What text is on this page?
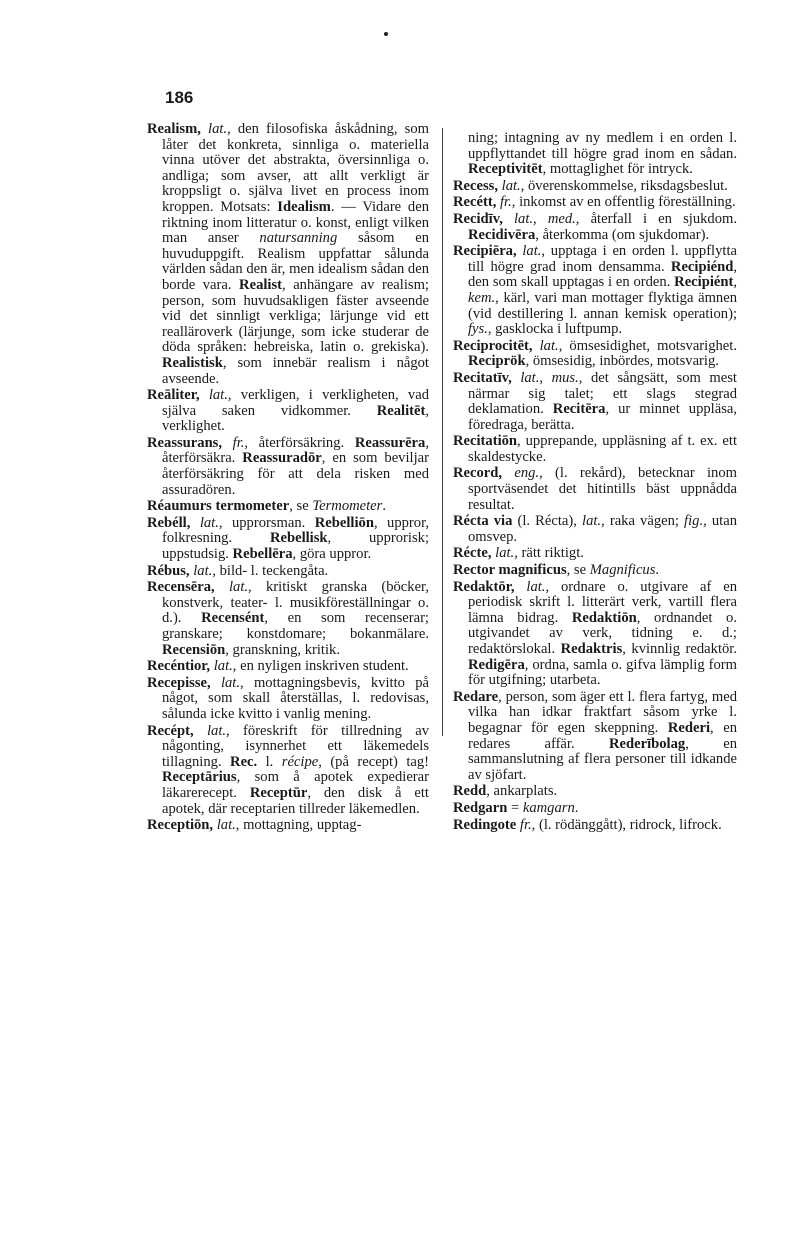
186

Realism, lat., den filosofiska åskådning, som låter det konkreta, sinnliga o. materiella vinna utöver det abstrakta, översinnliga o. andliga; som avser, att allt verkligt är kroppsligt o. själva livet en process inom kroppen. Motsats: Idealism. — Vidare den riktning inom litteratur o. konst, enligt vilken man anser natursanning såsom en huvuduppgift. Realism uppfattar sålunda världen sådan den är, men idealism sådan den borde vara. Realist, anhängare av realism; person, som huvudsakligen fäster avseende vid det sinnligt verkliga; lärjunge vid ett realläroverk (lärjunge, som icke studerar de döda språken: hebreiska, latin o. grekiska). Realistisk, som innebär realism i något avseende.

Reāliter, lat., verkligen, i verkligheten, vad själva saken vidkommer. Realitēt, verklighet.

Reassurans, fr., återförsäkring. Reassurēra, återförsäkra. Reassuradōr, en som beviljar återförsäkring för att dela risken med assuradören.

Réaumurs termometer, se Termometer.

Rebéll, lat., upprorsman. Rebelliōn, uppror, folkresning. Rebellisk, upprorisk; uppstudsig. Rebellēra, göra uppror.

Rébus, lat., bild- l. teckengåta.

Recensēra, lat., kritiskt granska (böcker, konstverk, teater- l. musikföreställningar o. d.). Recensént, en som recenserar; granskare; konstdomare; bokanmälare. Recensiōn, granskning, kritik.

Recéntior, lat., en nyligen inskriven student.

Recepisse, lat., mottagningsbevis, kvitto på något, som skall återställas, l. redovisas, sålunda icke kvitto i vanlig mening.

Recépt, lat., föreskrift för tillredning av någonting, isynnerhet ett läkemedels tillagning. Rec. l. récipe, (på recept) tag! Receptārius, som å apotek expedierar läkarerecept. Receptūr, den disk å ett apotek, där receptarien tillreder läkemedlen.

Receptiōn, lat., mottagning, upptag-

ning; intagning av ny medlem i en orden l. uppflyttandet till högre grad inom en sådan. Receptivitēt, mottaglighet för intryck.

Recess, lat., överenskommelse, riksdagsbeslut.

Recétt, fr., inkomst av en offentlig föreställning.

Recidīv, lat., med., återfall i en sjukdom. Recidivēra, återkomma (om sjukdomar).

Recipiēra, lat., upptaga i en orden l. uppflytta till högre grad inom densamma. Recipiénd, den som skall upptagas i en orden. Recipiént, kem., kärl, vari man mottager flyktiga ämnen (vid destillering l. annan kemisk operation); fys., gasklocka i luftpump.

Reciprocitēt, lat., ömsesidighet, motsvarighet. Reciprök, ömsesidig, inbördes, motsvarig.

Recitatīv, lat., mus., det sångsätt, som mest närmar sig talet; ett slags stegrad deklamation. Recitēra, ur minnet uppläsa, föredraga, berätta.

Recitatiōn, upprepande, uppläsning af t. ex. ett skaldestycke.

Record, eng., (l. rekård), betecknar inom sportväsendet det hitintills bäst uppnådda resultat.

Récta via (l. Récta), lat., raka vägen; fig., utan omsvep.

Récte, lat., rätt riktigt.

Rector magnificus, se Magnificus.

Redaktōr, lat., ordnare o. utgivare af en periodisk skrift l. litterärt verk, vartill flera lämna bidrag. Redaktiōn, ordnandet o. utgivandet av verk, tidning e. d.; redaktörslokal. Redaktris, kvinnlig redaktör. Redigēra, ordna, samla o. gifva lämplig form för utgifning; utarbeta.

Redare, person, som äger ett l. flera fartyg, med vilka han idkar fraktfart såsom yrke l. begagnar för egen skeppning. Rederi, en redares affär. Rederībolag, en sammanslutning af flera personer till idkande av sjöfart.

Redd, ankarplats.

Redgarn = kamgarn.

Redingote fr., (l. rödänggått), ridrock, lifrock.
